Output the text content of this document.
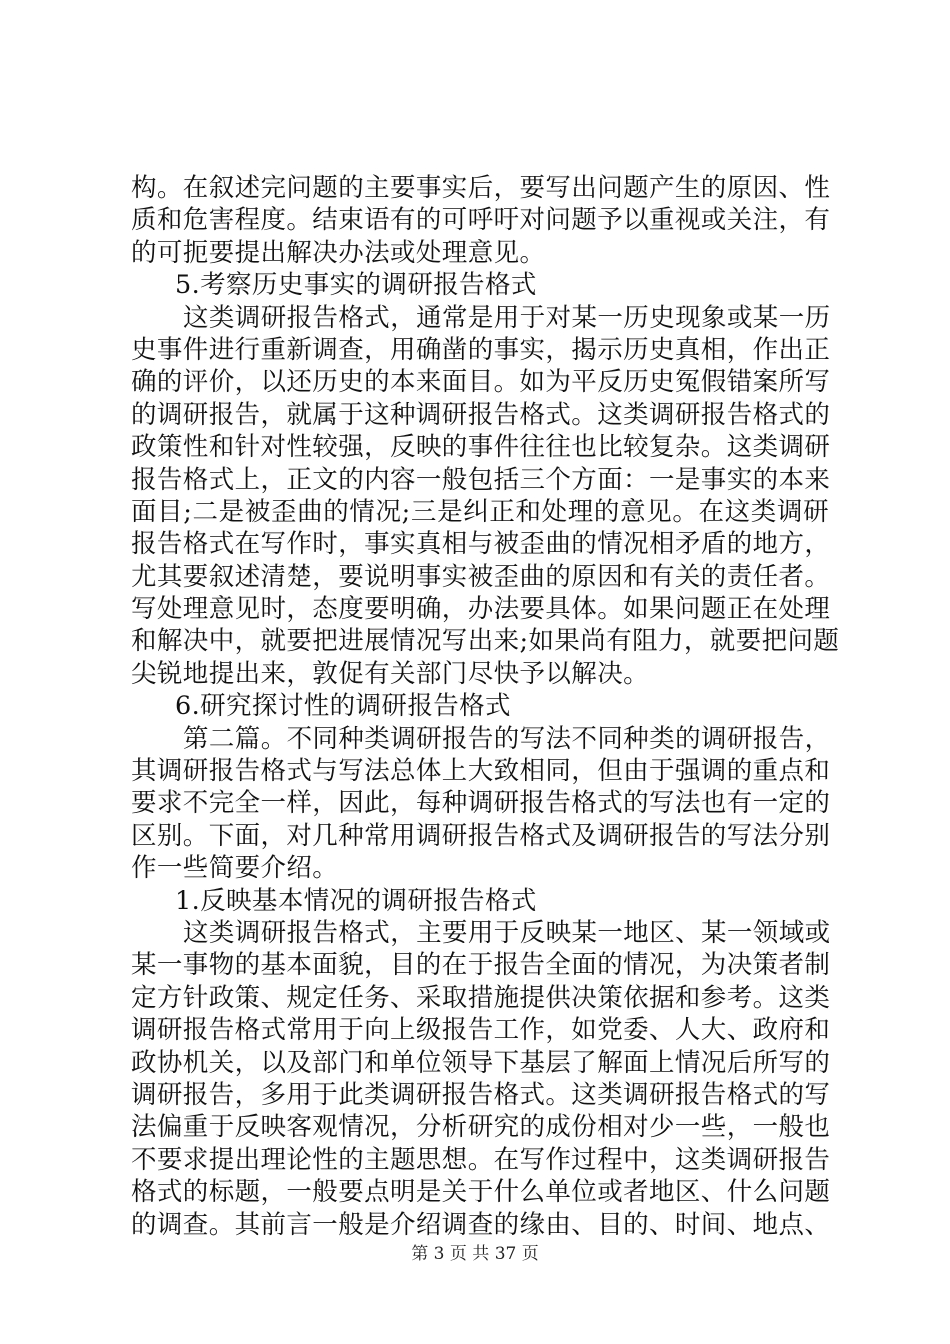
构。在叙述完问题的主要事实后，要写出问题产生的原因、性
质和危害程度。结束语有的可呼吁对问题予以重视或关注，有
的可扼要提出解决办法或处理意见。
5.考察历史事实的调研报告格式
这类调研报告格式，通常是用于对某一历史现象或某一历
史事件进行重新调查，用确凿的事实，揭示历史真相，作出正
确的评价，以还历史的本来面目。如为平反历史冤假错案所写
的调研报告，就属于这种调研报告格式。这类调研报告格式的
政策性和针对性较强，反映的事件往往也比较复杂。这类调研
报告格式上，正文的内容一般包括三个方面：一是事实的本来
面目;二是被歪曲的情况;三是纠正和处理的意见。在这类调研
报告格式在写作时，事实真相与被歪曲的情况相矛盾的地方，
尤其要叙述清楚，要说明事实被歪曲的原因和有关的责任者。
写处理意见时，态度要明确，办法要具体。如果问题正在处理
和解决中，就要把进展情况写出来;如果尚有阻力，就要把问题
尖锐地提出来，敦促有关部门尽快予以解决。
6.研究探讨性的调研报告格式
第二篇。不同种类调研报告的写法不同种类的调研报告，
其调研报告格式与写法总体上大致相同，但由于强调的重点和
要求不完全一样，因此，每种调研报告格式的写法也有一定的
区别。下面，对几种常用调研报告格式及调研报告的写法分别
作一些简要介绍。
1.反映基本情况的调研报告格式
这类调研报告格式，主要用于反映某一地区、某一领域或
某一事物的基本面貌，目的在于报告全面的情况，为决策者制
定方针政策、规定任务、采取措施提供决策依据和参考。这类
调研报告格式常用于向上级报告工作，如党委、人大、政府和
政协机关，以及部门和单位领导下基层了解面上情况后所写的
调研报告，多用于此类调研报告格式。这类调研报告格式的写
法偏重于反映客观情况，分析研究的成份相对少一些，一般也
不要求提出理论性的主题思想。在写作过程中，这类调研报告
格式的标题，一般要点明是关于什么单位或者地区、什么问题
的调查。其前言一般是介绍调查的缘由、目的、时间、地点、
第 3 页 共 37 页
